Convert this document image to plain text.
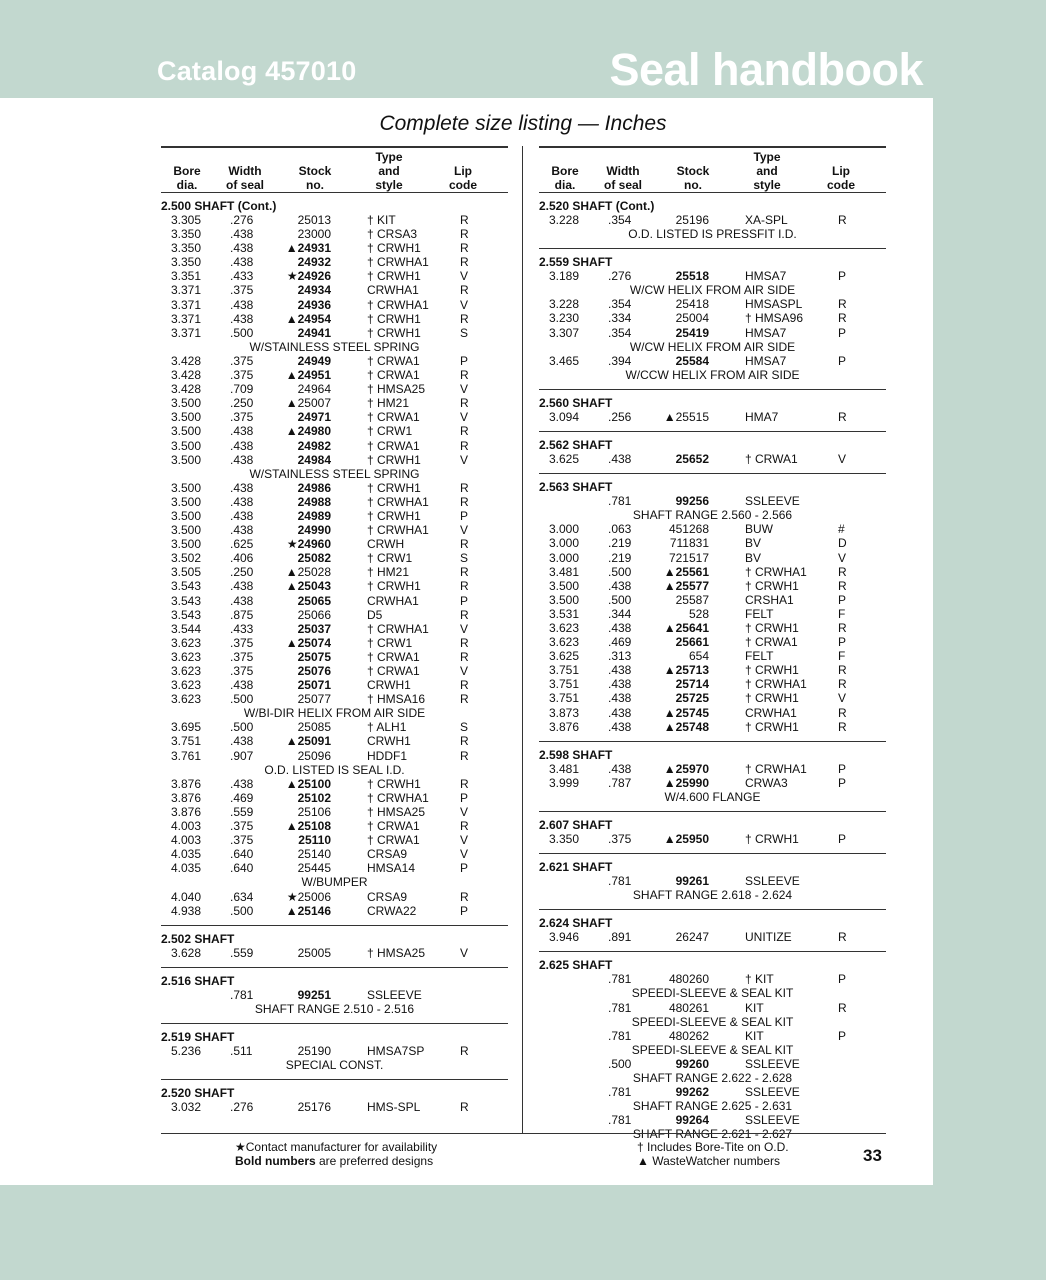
Catalog 457010	Seal handbook
Complete size listing — Inches
Bore
dia.
Width
of seal
Stock
no.
Type
and
style
Lip
code
2.500 SHAFT (Cont.)
3.305 .276	25013	† KIT	R
3.350 .438	23000	† CRSA3	R
3.350 .438	▲24931	† CRWH1	R
3.350 .438	24932	† CRWHA1	R
3.351 .433	★24926	† CRWH1	V
3.371 .375	24934	CRWHA1	R
3.371 .438	24936	† CRWHA1	V
3.371 .438	▲24954	† CRWH1	R
3.371 .500	24941	† CRWH1	S
W/STAINLESS STEEL SPRING
3.428 .375	24949	† CRWA1	P
3.428 .375	▲24951	† CRWA1	R
3.428 .709	24964	† HMSA25	V
3.500 .250	▲25007	† HM21	R
3.500 .375	24971	† CRWA1	V
3.500 .438	▲24980	† CRW1	R
3.500 .438	24982	† CRWA1	R
3.500 .438	24984	† CRWH1	V
W/STAINLESS STEEL SPRING
3.500 .438	24986	† CRWH1	R
3.500 .438	24988	† CRWHA1	R
3.500 .438	24989	† CRWH1	P
3.500 .438	24990	† CRWHA1	V
3.500 .625	★24960	CRWH	R
3.502 .406	25082	† CRW1	S
3.505 .250	▲25028	† HM21	R
3.543 .438	▲25043	† CRWH1	R
3.543 .438	25065	CRWHA1	P
3.543 .875	25066	D5	R
3.544 .433	25037	† CRWHA1	V
3.623 .375	▲25074	† CRW1	R
3.623 .375	25075	† CRWA1	R
3.623 .375	25076	† CRWA1	V
3.623 .438	25071	CRWH1	R
3.623 .500	25077	† HMSA16	R
W/BI-DIR HELIX FROM AIR SIDE
3.695 .500	25085	† ALH1	S
3.751 .438	▲25091	CRWH1	R
3.761 .907	25096	HDDF1	R
O.D. LISTED IS SEAL I.D.
3.876 .438	▲25100	† CRWH1	R
3.876 .469	25102	† CRWHA1	P
3.876 .559	25106	† HMSA25	V
4.003 .375	▲25108	† CRWA1	R
4.003 .375	25110	† CRWA1	V
4.035 .640	25140	CRSA9	V
4.035 .640	25445	HMSA14	P
W/BUMPER
4.040 .634	★25006	CRSA9	R
4.938 .500	▲25146	CRWA22	P
2.502 SHAFT
3.628 .559	25005	† HMSA25	V
2.516 SHAFT
.781	99251	SSLEEVE
SHAFT RANGE 2.510 - 2.516
2.519 SHAFT
5.236 .511	25190	HMSA7SP	R
SPECIAL CONST.
2.520 SHAFT
3.032 .276	25176	HMS-SPL	R
Bore
dia.
Width
of seal
Stock
no.
Type
and
style
Lip
code
2.520 SHAFT (Cont.)
3.228 .354	25196	XA-SPL	R
O.D. LISTED IS PRESSFIT I.D.
2.559 SHAFT
3.189 .276	25518	HMSA7	P
W/CW HELIX FROM AIR SIDE
3.228 .354	25418	HMSASPL	R
3.230 .334	25004	† HMSA96	R
3.307 .354	25419	HMSA7	P
W/CW HELIX FROM AIR SIDE
3.465 .394	25584	HMSA7	P
W/CCW HELIX FROM AIR SIDE
2.560 SHAFT
3.094 .256	▲25515	HMA7	R
2.562 SHAFT
3.625 .438	25652	† CRWA1	V
2.563 SHAFT
.781	99256	SSLEEVE
SHAFT RANGE 2.560 - 2.566
3.000 .063	451268	BUW	#
3.000 .219	711831	BV	D
3.000 .219	721517	BV	V
3.481 .500	▲25561	† CRWHA1	R
3.500 .438	▲25577	† CRWH1	R
3.500 .500	25587	CRSHA1	P
3.531 .344	528	FELT	F
3.623 .438	▲25641	† CRWH1	R
3.623 .469	25661	† CRWA1	P
3.625 .313	654	FELT	F
3.751 .438	▲25713	† CRWH1	R
3.751 .438	25714	† CRWHA1	R
3.751 .438	25725	† CRWH1	V
3.873 .438	▲25745	CRWHA1	R
3.876 .438	▲25748	† CRWH1	R
2.598 SHAFT
3.481 .438	▲25970	† CRWHA1	P
3.999 .787	▲25990	CRWA3	P
W/4.600 FLANGE
2.607 SHAFT
3.350 .375	▲25950	† CRWH1	P
2.621 SHAFT
.781	99261	SSLEEVE
SHAFT RANGE 2.618 - 2.624
2.624 SHAFT
3.946 .891	26247	UNITIZE	R
2.625 SHAFT
.781	480260	† KIT	P
SPEEDI-SLEEVE & SEAL KIT
.781	480261	KIT	R
SPEEDI-SLEEVE & SEAL KIT
.781	480262	KIT	P
SPEEDI-SLEEVE & SEAL KIT
.500	99260	SSLEEVE
SHAFT RANGE 2.622 - 2.628
.781	99262	SSLEEVE
SHAFT RANGE 2.625 - 2.631
.781	99264	SSLEEVE
SHAFT RANGE 2.621 - 2.627
★Contact manufacturer for availability
Bold numbers are preferred designs
† Includes Bore-Tite on O.D.
▲ WasteWatcher numbers	33
